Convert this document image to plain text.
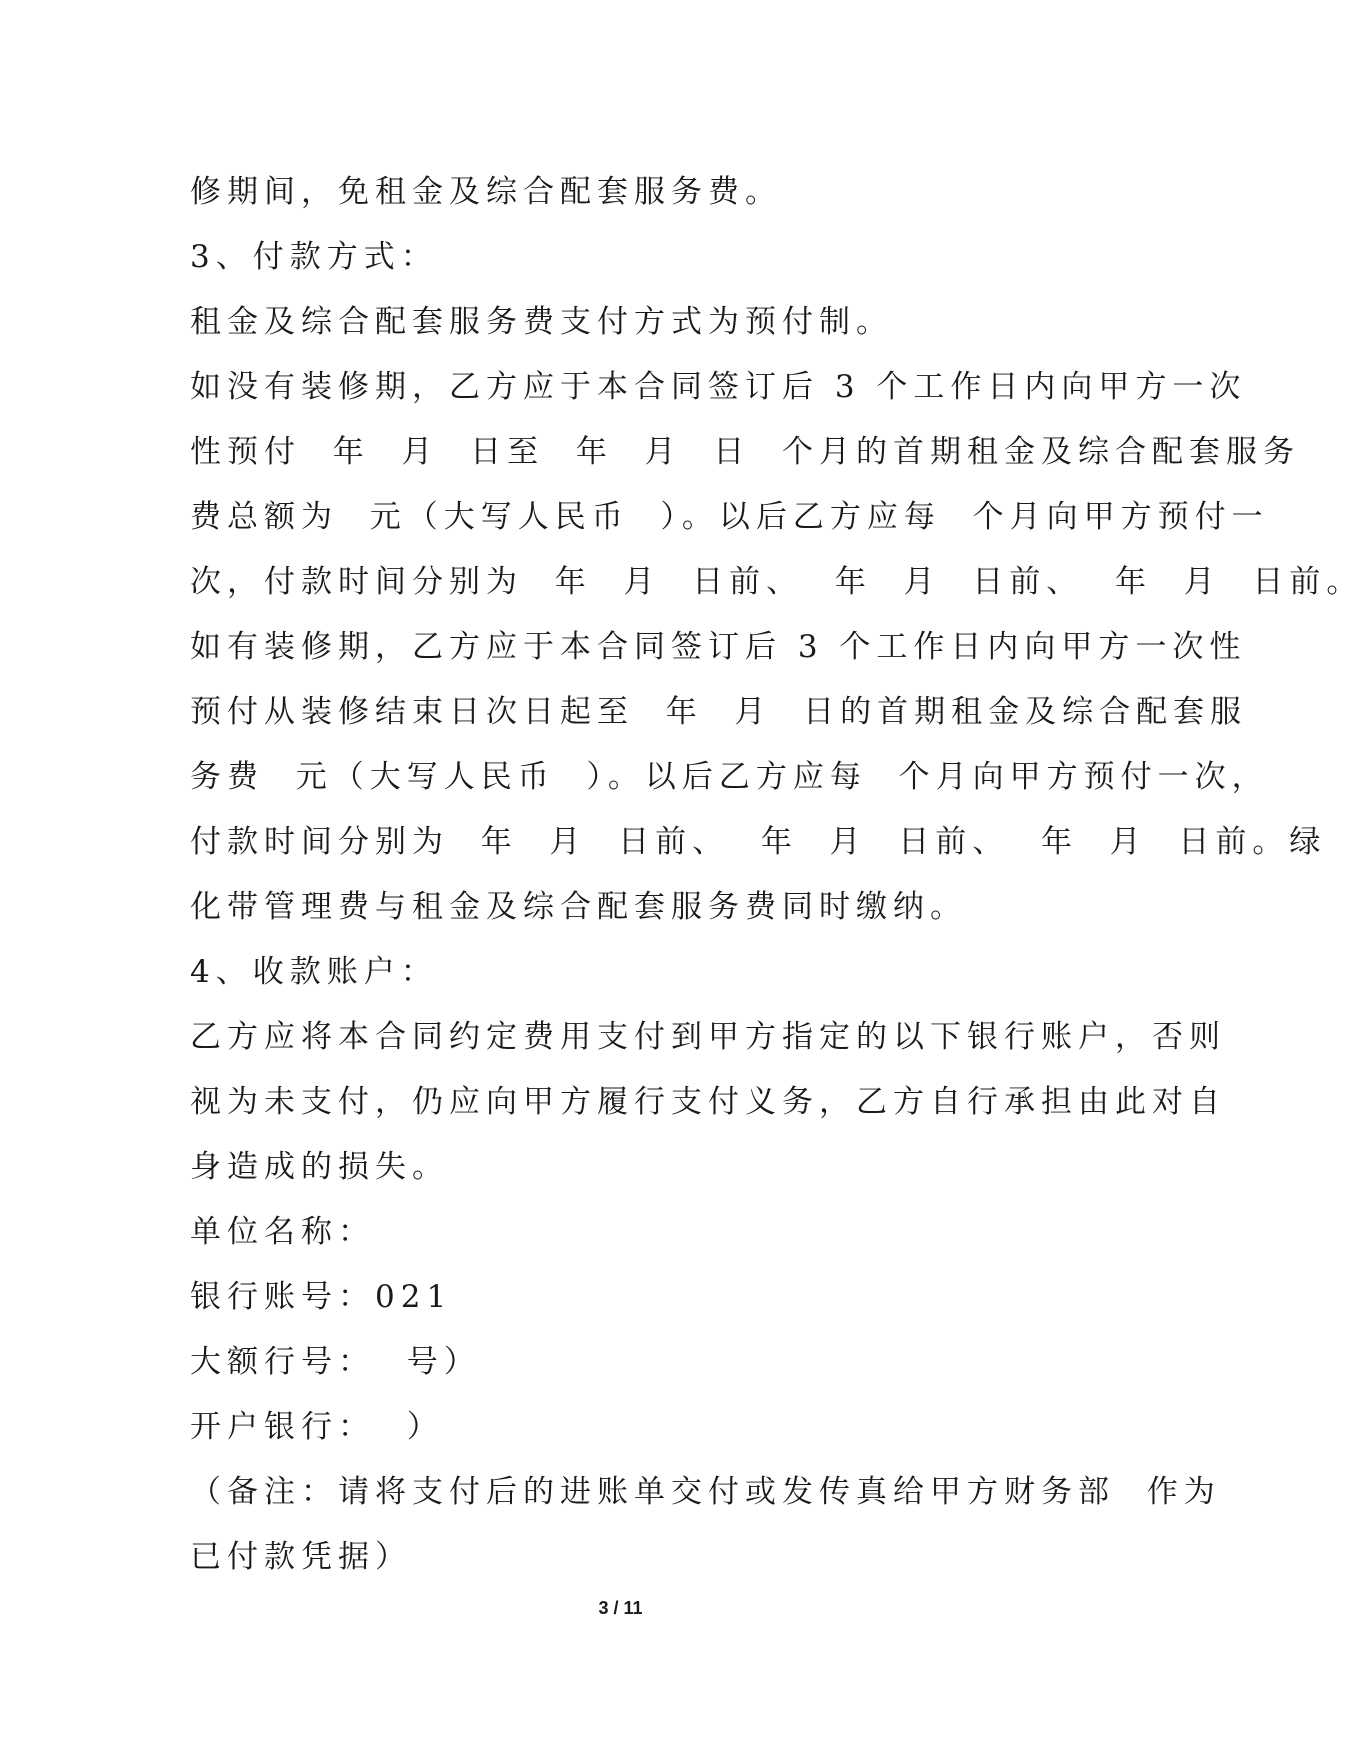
修期间，免租金及综合配套服务费。
3、付款方式：
租金及综合配套服务费支付方式为预付制。
如没有装修期，乙方应于本合同签订后 3 个工作日内向甲方一次
性预付  年  月  日至  年  月  日  个月的首期租金及综合配套服务
费总额为  元（大写人民币  ）。以后乙方应每  个月向甲方预付一
次，付款时间分别为  年  月  日前、  年  月  日前、  年  月  日前。
如有装修期，乙方应于本合同签订后 3 个工作日内向甲方一次性
预付从装修结束日次日起至  年  月  日的首期租金及综合配套服
务费  元（大写人民币  ）。以后乙方应每  个月向甲方预付一次，
付款时间分别为  年  月  日前、  年  月  日前、  年  月  日前。绿
化带管理费与租金及综合配套服务费同时缴纳。
4、收款账户：
乙方应将本合同约定费用支付到甲方指定的以下银行账户，否则
视为未支付，仍应向甲方履行支付义务，乙方自行承担由此对自
身造成的损失。
单位名称：
银行账号：021
大额行号：  号）
开户银行：  ）
（备注：请将支付后的进账单交付或发传真给甲方财务部  作为
已付款凭据）
3 / 11
